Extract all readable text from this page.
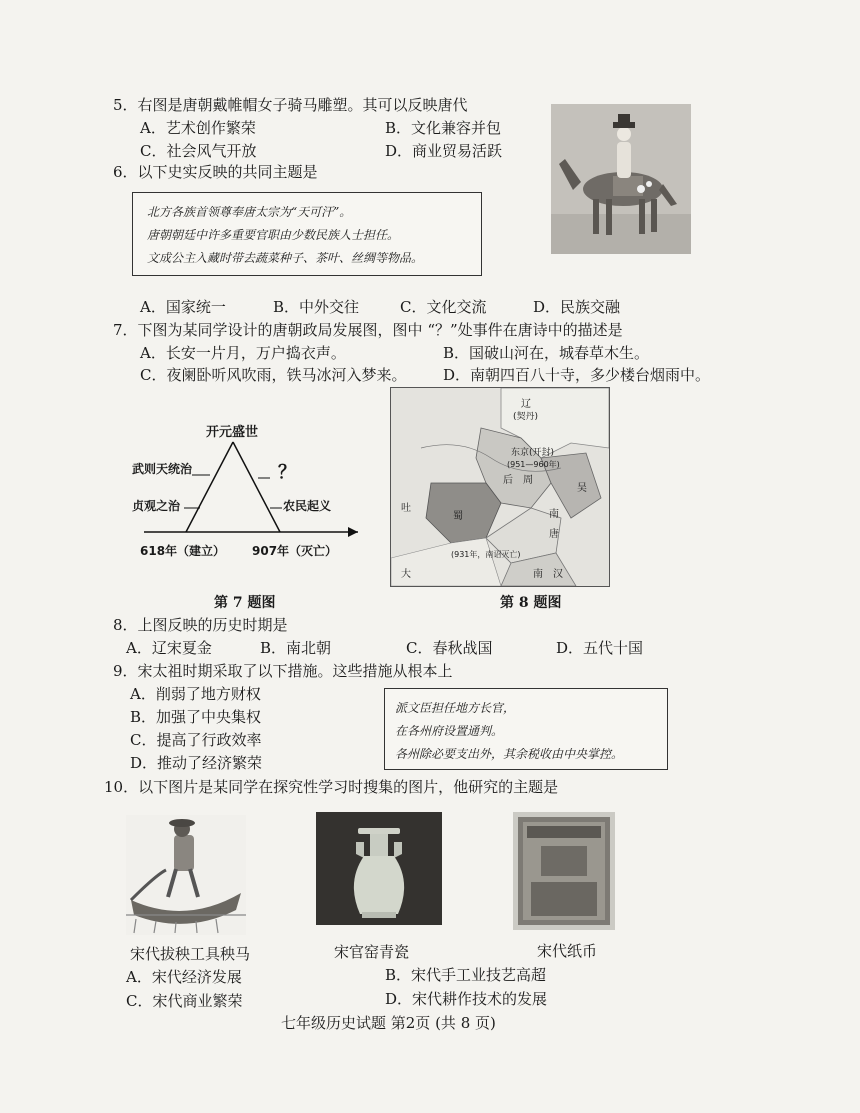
5．右图是唐朝戴帷帽女子骑马雕塑。其可以反映唐代
A．艺术创作繁荣	B．文化兼容并包
C．社会风气开放	D．商业贸易活跃
6．以下史实反映的共同主题是
北方各族首领尊奉唐太宗为“天可汗”。
唐朝朝廷中许多重要官职由少数民族人士担任。
文成公主入藏时带去蔬菜种子、茶叶、丝绸等物品。
A．国家统一	B．中外交往	C．文化交流	D．民族交融
7．下图为某同学设计的唐朝政局发展图，图中 “？”处事件在唐诗中的描述是
A．长安一片月，万户捣衣声。	B．国破山河在，城春草木生。
C．夜阑卧听风吹雨，铁马冰河入梦来。 D．南朝四百八十寺，多少楼台烟雨中。
开元盛世
武则天统治
贞观之治
？
农民起义
618年（建立） 907年（灭亡）
辽
(契丹)
东京(开封)
(951—960年)
后 周
吐
蜀	南
南
唐
汉
大
(931年，南诏灭亡)
吴
第 7 题图	第 8 题图
8．上图反映的历史时期是
A．辽宋夏金	B．南北朝	C．春秋战国	D．五代十国
9．宋太祖时期采取了以下措施。这些措施从根本上
A．削弱了地方财权
B．加强了中央集权
C．提高了行政效率
D．推动了经济繁荣
派文臣担任地方长官，
在各州府设置通判。
各州除必要支出外，其余税收由中央掌控。
10．以下图片是某同学在探究性学习时搜集的图片，他研究的主题是
宋代拔秧工具秧马	宋官窑青瓷	宋代纸币
A．宋代经济发展	B．宋代手工业技艺高超
C．宋代商业繁荣	D．宋代耕作技术的发展
七年级历史试题 第2页 (共 8 页)
